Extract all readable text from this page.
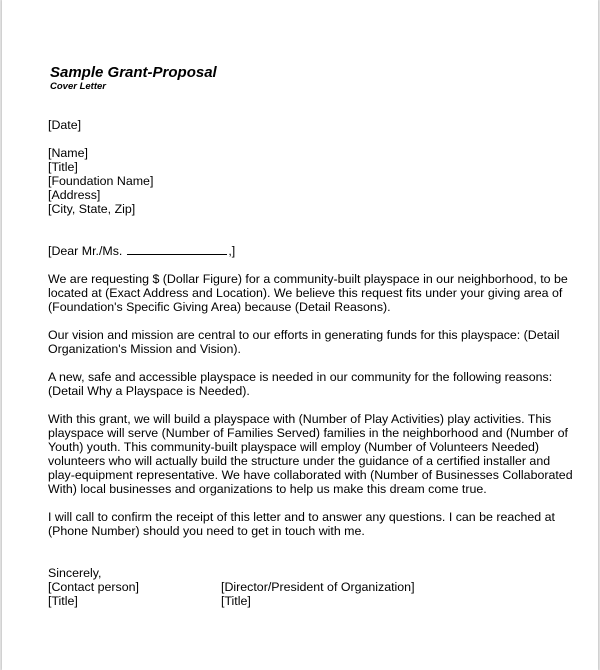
Sample Grant-Proposal
Cover Letter
[Date]
[Name]
[Title]
[Foundation Name]
[Address]
[City, State, Zip]
[Dear Mr./Ms.	,]
We are requesting $ (Dollar Figure) for a community-built playspace in our neighborhood, to be located at (Exact Address and Location). We believe this request fits under your giving area of (Foundation's Specific Giving Area) because (Detail Reasons).
Our vision and mission are central to our efforts in generating funds for this playspace: (Detail Organization's Mission and Vision).
A new, safe and accessible playspace is needed in our community for the following reasons: (Detail Why a Playspace is Needed).
With this grant, we will build a playspace with (Number of Play Activities) play activities. This playspace will serve (Number of Families Served) families in the neighborhood and (Number of Youth) youth. This community-built playspace will employ (Number of Volunteers Needed) volunteers who will actually build the structure under the guidance of a certified installer and play-equipment representative. We have collaborated with (Number of Businesses Collaborated With) local businesses and organizations to help us make this dream come true.
I will call to confirm the receipt of this letter and to answer any questions. I can be reached at (Phone Number) should you need to get in touch with me.
Sincerely,
[Contact person]	[Director/President of Organization]
[Title]	[Title]
